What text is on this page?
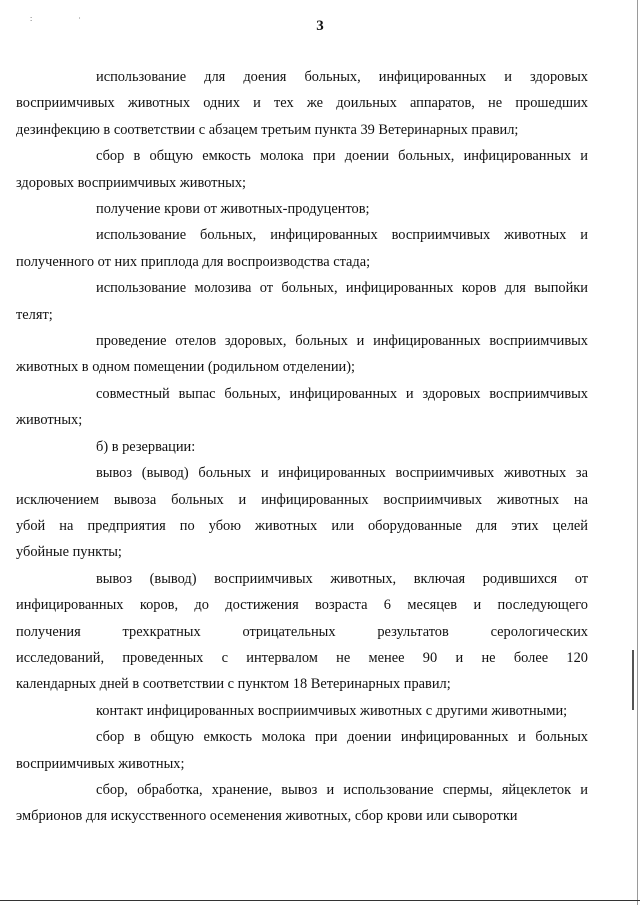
: ·	3
использование для доения больных, инфицированных и здоровых
восприимчивых животных одних и тех же доильных аппаратов, не прошедших
дезинфекцию в соответствии с абзацем третьим пункта 39 Ветеринарных правил;
сбор в общую емкость молока при доении больных, инфицированных и
здоровых восприимчивых животных;
получение крови от животных-продуцентов;
использование больных, инфицированных восприимчивых животных и
полученного от них приплода для воспроизводства стада;
использование молозива от больных, инфицированных коров для выпойки
телят;
проведение отелов здоровых, больных и инфицированных восприимчивых
животных в одном помещении (родильном отделении);
совместный выпас больных, инфицированных и здоровых восприимчивых
животных;
б) в резервации:
вывоз (вывод) больных и инфицированных восприимчивых животных за
исключением вывоза больных и инфицированных восприимчивых животных на
убой на предприятия по убою животных или оборудованные для этих целей
убойные пункты;
вывоз (вывод) восприимчивых животных, включая родившихся от
инфицированных коров, до достижения возраста 6 месяцев и последующего
получения трехкратных отрицательных результатов серологических
исследований, проведенных с интервалом не менее 90 и не более 120
календарных дней в соответствии с пунктом 18 Ветеринарных правил;
контакт инфицированных восприимчивых животных с другими животными;
сбор в общую емкость молока при доении инфицированных и больных
восприимчивых животных;
сбор, обработка, хранение, вывоз и использование спермы, яйцеклеток и
эмбрионов для искусственного осеменения животных, сбор крови или сыворотки
